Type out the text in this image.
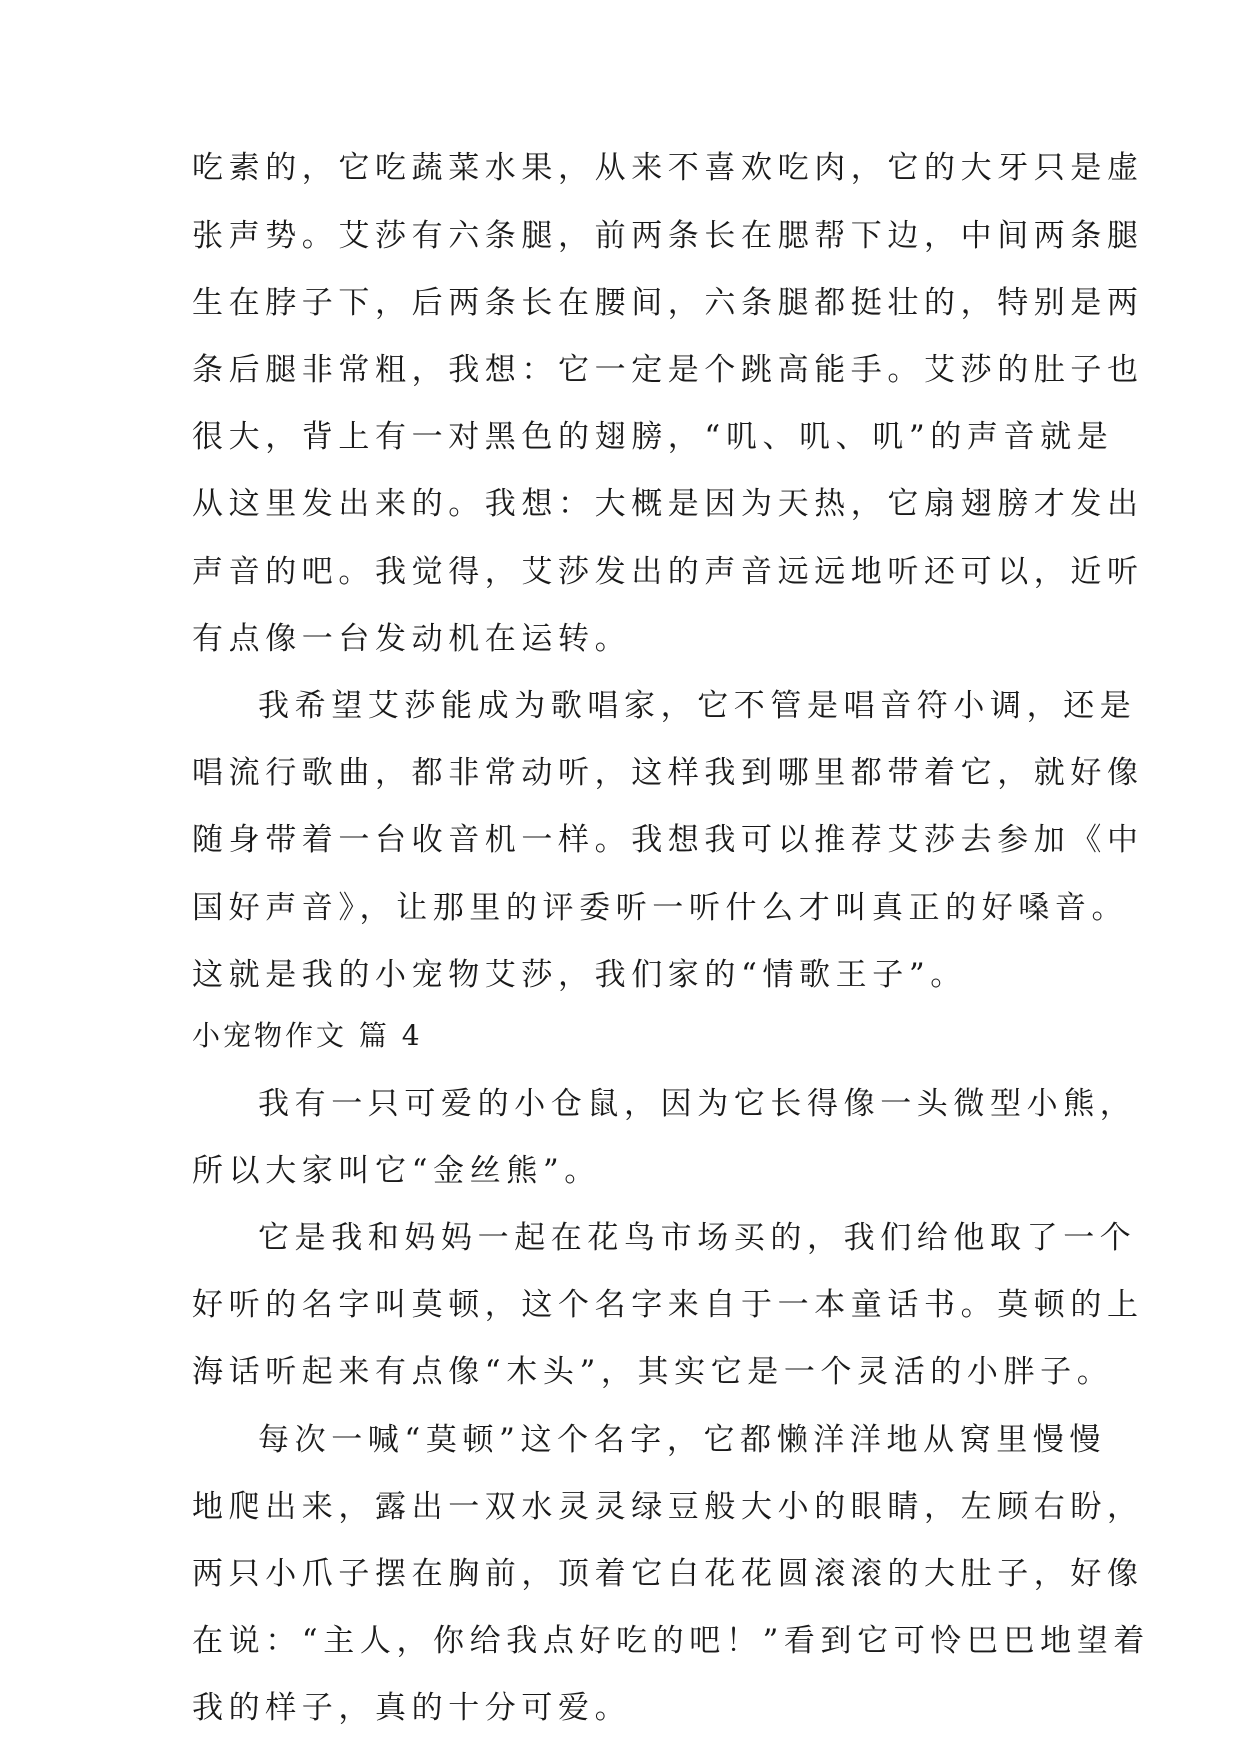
吃素的，它吃蔬菜水果，从来不喜欢吃肉，它的大牙只是虚
张声势。艾莎有六条腿，前两条长在腮帮下边，中间两条腿
生在脖子下，后两条长在腰间，六条腿都挺壮的，特别是两
条后腿非常粗，我想：它一定是个跳高能手。艾莎的肚子也
很大，背上有一对黑色的翅膀，“叽、叽、叽”的声音就是
从这里发出来的。我想：大概是因为天热，它扇翅膀才发出
声音的吧。我觉得，艾莎发出的声音远远地听还可以，近听
有点像一台发动机在运转。
我希望艾莎能成为歌唱家，它不管是唱音符小调，还是
唱流行歌曲，都非常动听，这样我到哪里都带着它，就好像
随身带着一台收音机一样。我想我可以推荐艾莎去参加《中
国好声音》，让那里的评委听一听什么才叫真正的好嗓音。
这就是我的小宠物艾莎，我们家的“情歌王子”。
小宠物作文 篇 4
我有一只可爱的小仓鼠，因为它长得像一头微型小熊，
所以大家叫它“金丝熊”。
它是我和妈妈一起在花鸟市场买的，我们给他取了一个
好听的名字叫莫顿，这个名字来自于一本童话书。莫顿的上
海话听起来有点像“木头”，其实它是一个灵活的小胖子。
每次一喊“莫顿”这个名字，它都懒洋洋地从窝里慢慢
地爬出来，露出一双水灵灵绿豆般大小的眼睛，左顾右盼，
两只小爪子摆在胸前，顶着它白花花圆滚滚的大肚子，好像
在说：“主人，你给我点好吃的吧！”看到它可怜巴巴地望着
我的样子，真的十分可爱。
